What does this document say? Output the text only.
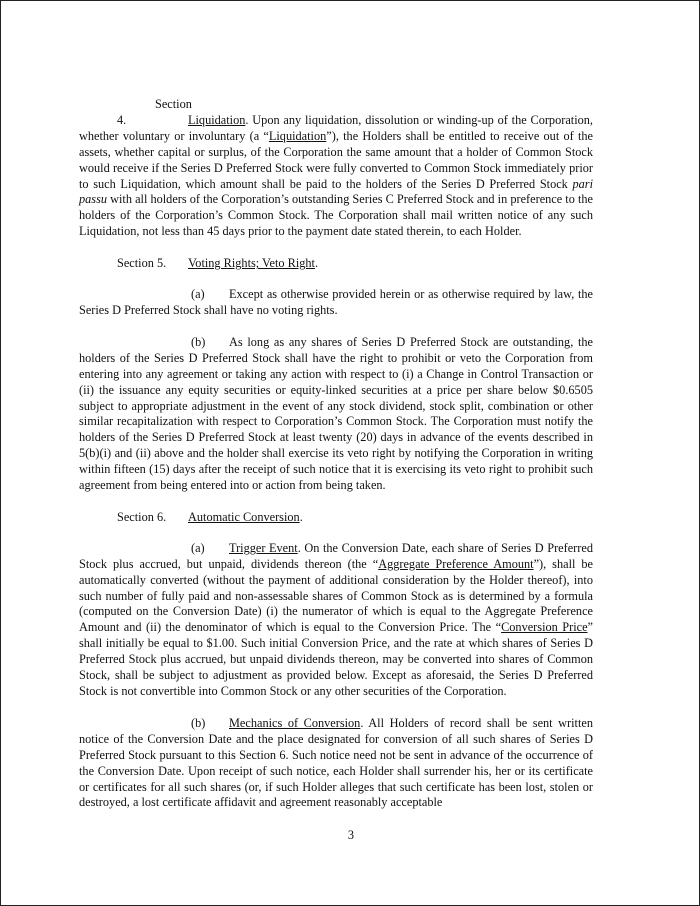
Section 4.	Liquidation. Upon any liquidation, dissolution or winding-up of the Corporation, whether voluntary or involuntary (a “Liquidation”), the Holders shall be entitled to receive out of the assets, whether capital or surplus, of the Corporation the same amount that a holder of Common Stock would receive if the Series D Preferred Stock were fully converted to Common Stock immediately prior to such Liquidation, which amount shall be paid to the holders of the Series D Preferred Stock pari passu with all holders of the Corporation’s outstanding Series C Preferred Stock and in preference to the holders of the Corporation’s Common Stock. The Corporation shall mail written notice of any such Liquidation, not less than 45 days prior to the payment date stated therein, to each Holder.

Section 5. Voting Rights; Veto Right.

(a) Except as otherwise provided herein or as otherwise required by law, the Series D Preferred Stock shall have no voting rights.

(b) As long as any shares of Series D Preferred Stock are outstanding, the holders of the Series D Preferred Stock shall have the right to prohibit or veto the Corporation from entering into any agreement or taking any action with respect to (i) a Change in Control Transaction or (ii) the issuance any equity securities or equity-linked securities at a price per share below $0.6505 subject to appropriate adjustment in the event of any stock dividend, stock split, combination or other similar recapitalization with respect to Corporation’s Common Stock. The Corporation must notify the holders of the Series D Preferred Stock at least twenty (20) days in advance of the events described in 5(b)(i) and (ii) above and the holder shall exercise its veto right by notifying the Corporation in writing within fifteen (15) days after the receipt of such notice that it is exercising its veto right to prohibit such agreement from being entered into or action from being taken.

Section 6. Automatic Conversion.

(a) Trigger Event. On the Conversion Date, each share of Series D Preferred Stock plus accrued, but unpaid, dividends thereon (the “Aggregate Preference Amount”), shall be automatically converted (without the payment of additional consideration by the Holder thereof), into such number of fully paid and non-assessable shares of Common Stock as is determined by a formula (computed on the Conversion Date) (i) the numerator of which is equal to the Aggregate Preference Amount and (ii) the denominator of which is equal to the Conversion Price. The “Conversion Price” shall initially be equal to $1.00. Such initial Conversion Price, and the rate at which shares of Series D Preferred Stock plus accrued, but unpaid dividends thereon, may be converted into shares of Common Stock, shall be subject to adjustment as provided below. Except as aforesaid, the Series D Preferred Stock is not convertible into Common Stock or any other securities of the Corporation.

(b) Mechanics of Conversion. All Holders of record shall be sent written notice of the Conversion Date and the place designated for conversion of all such shares of Series D Preferred Stock pursuant to this Section 6. Such notice need not be sent in advance of the occurrence of the Conversion Date. Upon receipt of such notice, each Holder shall surrender his, her or its certificate or certificates for all such shares (or, if such Holder alleges that such certificate has been lost, stolen or destroyed, a lost certificate affidavit and agreement reasonably acceptable

3
